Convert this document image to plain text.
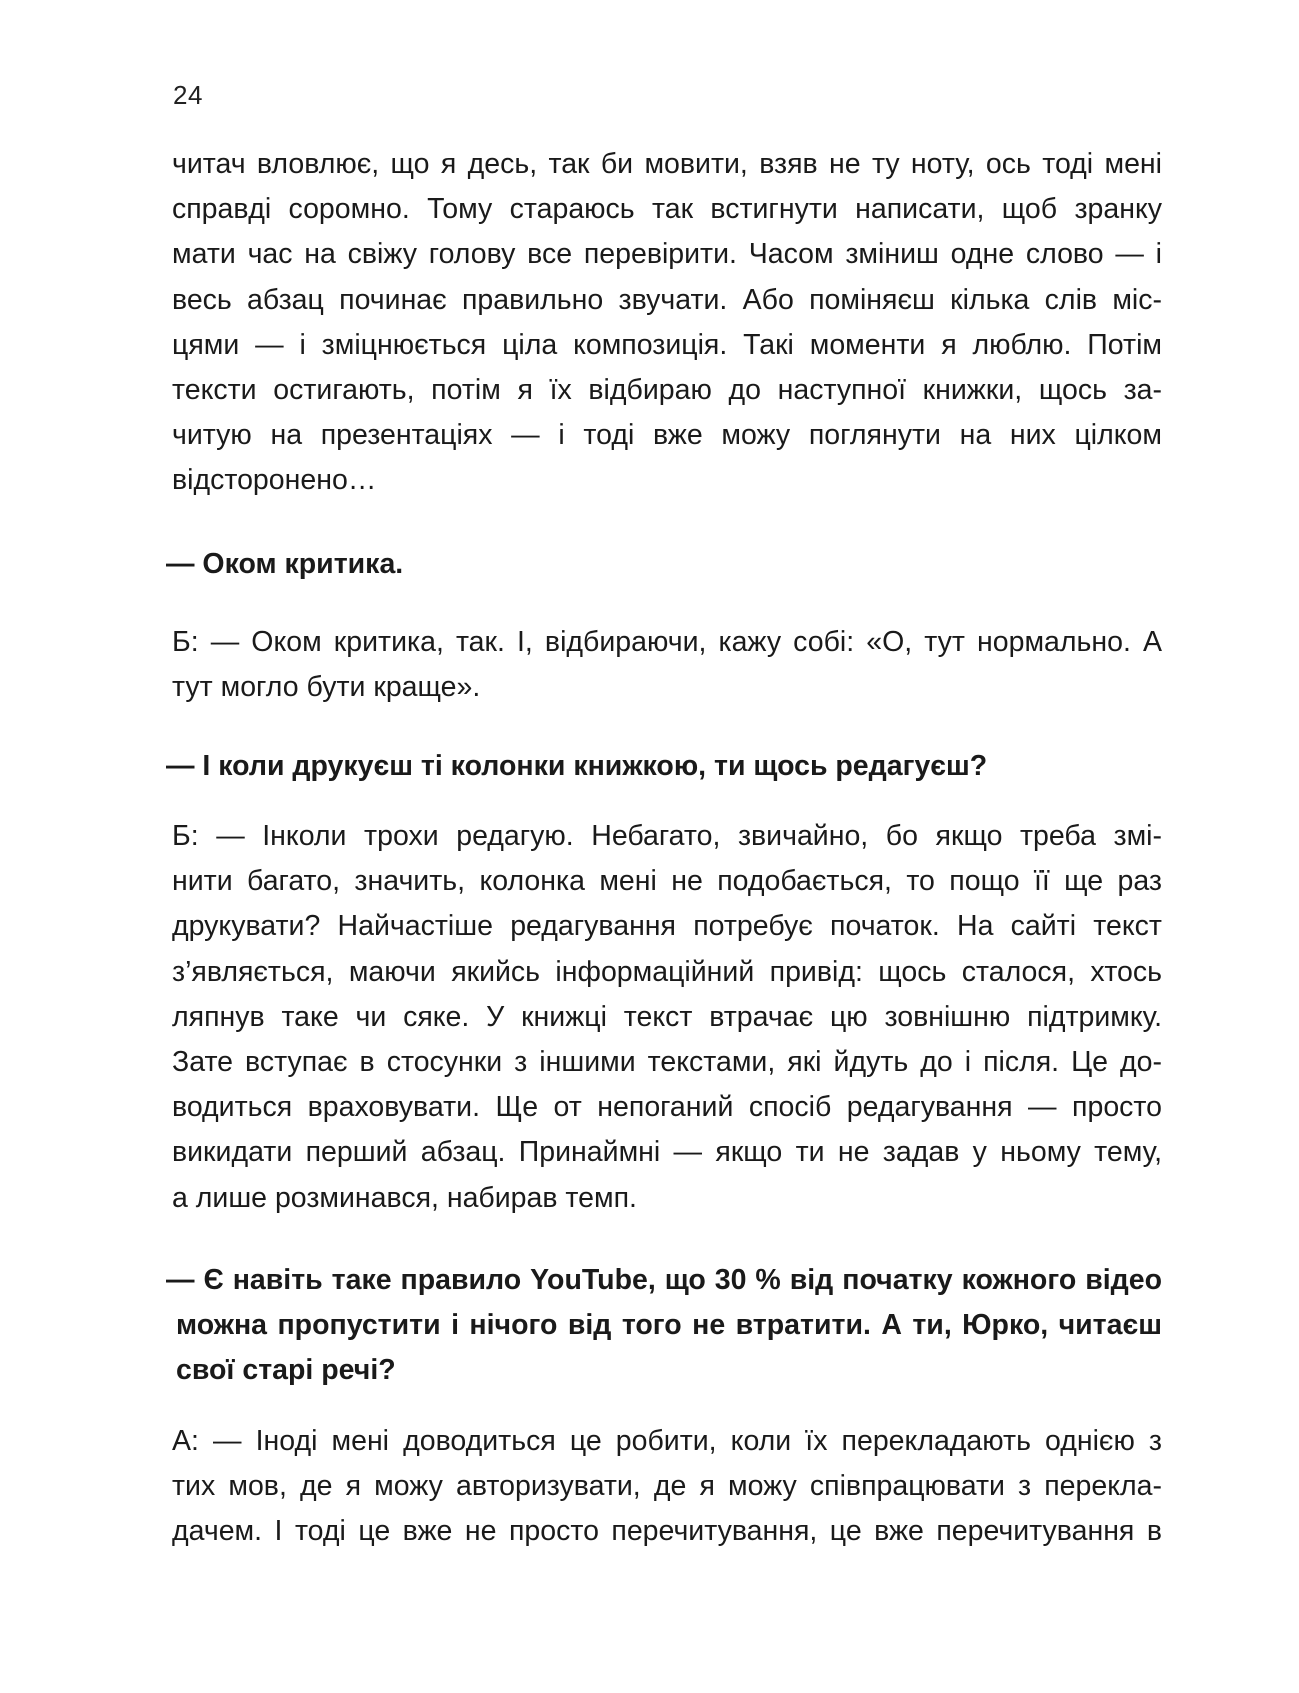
24
читач вловлює, що я десь, так би мовити, взяв не ту ноту, ось тоді мені
справді соромно. Тому стараюсь так встигнути написати, щоб зранку
мати час на свіжу голову все перевірити. Часом зміниш одне слово — і
весь абзац починає правильно звучати. Або поміняєш кілька слів міс-
цями — і зміцнюється ціла композиція. Такі моменти я люблю. Потім
тексти остигають, потім я їх відбираю до наступної книжки, щось за-
читую на презентаціях — і тоді вже можу поглянути на них цілком
відсторонено…
— Оком критика.
Б: — Оком критика, так. І, відбираючи, кажу собі: «О, тут нормально. А
тут могло бути краще».
— І коли друкуєш ті колонки книжкою, ти щось редагуєш?
Б: — Інколи трохи редагую. Небагато, звичайно, бо якщо треба змі-
нити багато, значить, колонка мені не подобається, то пощо її ще раз
друкувати? Найчастіше редагування потребує початок. На сайті текст
з’являється, маючи якийсь інформаційний привід: щось сталося, хтось
ляпнув таке чи сяке. У книжці текст втрачає цю зовнішню підтримку.
Зате вступає в стосунки з іншими текстами, які йдуть до і після. Це до-
водиться враховувати. Ще от непоганий спосіб редагування — просто
викидати перший абзац. Принаймні — якщо ти не задав у ньому тему,
а лише розминався, набирав темп.
— Є навіть таке правило YouTube, що 30 % від початку кожного відео
можна пропустити і нічого від того не втратити. А ти, Юрко, читаєш
свої старі речі?
А: — Іноді мені доводиться це робити, коли їх перекладають однією з
тих мов, де я можу авторизувати, де я можу співпрацювати з перекла-
дачем. І тоді це вже не просто перечитування, це вже перечитування в
